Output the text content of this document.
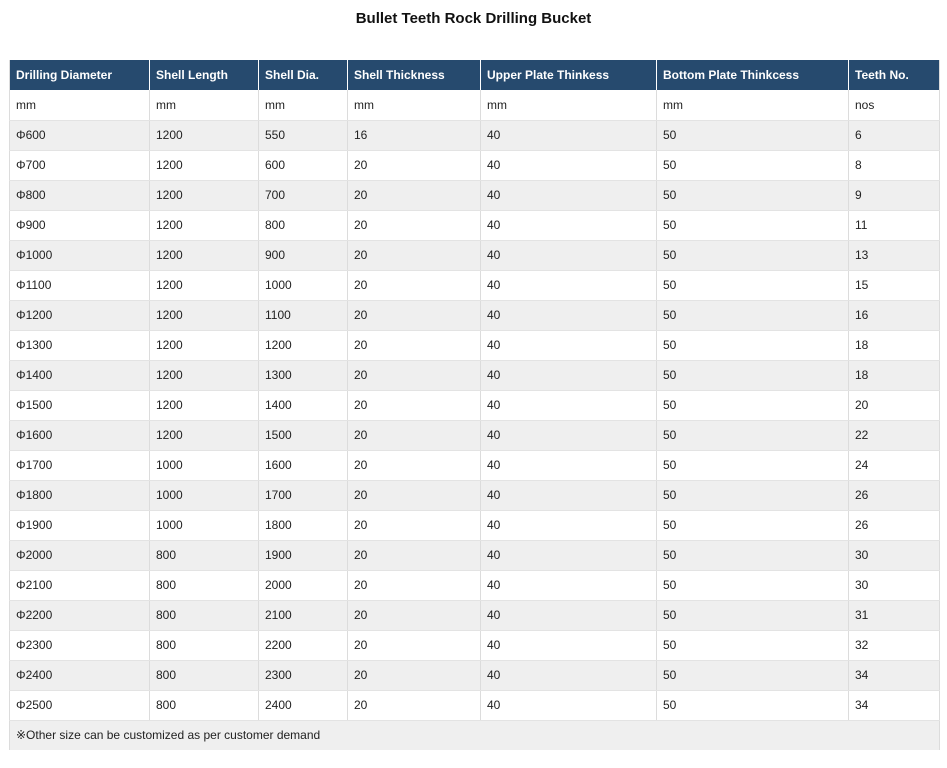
Bullet Teeth Rock Drilling Bucket
Drilling Diameter	Shell Length	Shell Dia.	Shell Thickness	Upper Plate Thinkess	Bottom Plate Thinkcess	Teeth No.
mm	mm	mm	mm	mm	mm	nos
Φ600	1200	550	16	40	50	6
Φ700	1200	600	20	40	50	8
Φ800	1200	700	20	40	50	9
Φ900	1200	800	20	40	50	11
Φ1000	1200	900	20	40	50	13
Φ1100	1200	1000	20	40	50	15
Φ1200	1200	1100	20	40	50	16
Φ1300	1200	1200	20	40	50	18
Φ1400	1200	1300	20	40	50	18
Φ1500	1200	1400	20	40	50	20
Φ1600	1200	1500	20	40	50	22
Φ1700	1000	1600	20	40	50	24
Φ1800	1000	1700	20	40	50	26
Φ1900	1000	1800	20	40	50	26
Φ2000	800	1900	20	40	50	30
Φ2100	800	2000	20	40	50	30
Φ2200	800	2100	20	40	50	31
Φ2300	800	2200	20	40	50	32
Φ2400	800	2300	20	40	50	34
Φ2500	800	2400	20	40	50	34
※Other size can be customized as per customer demand						
